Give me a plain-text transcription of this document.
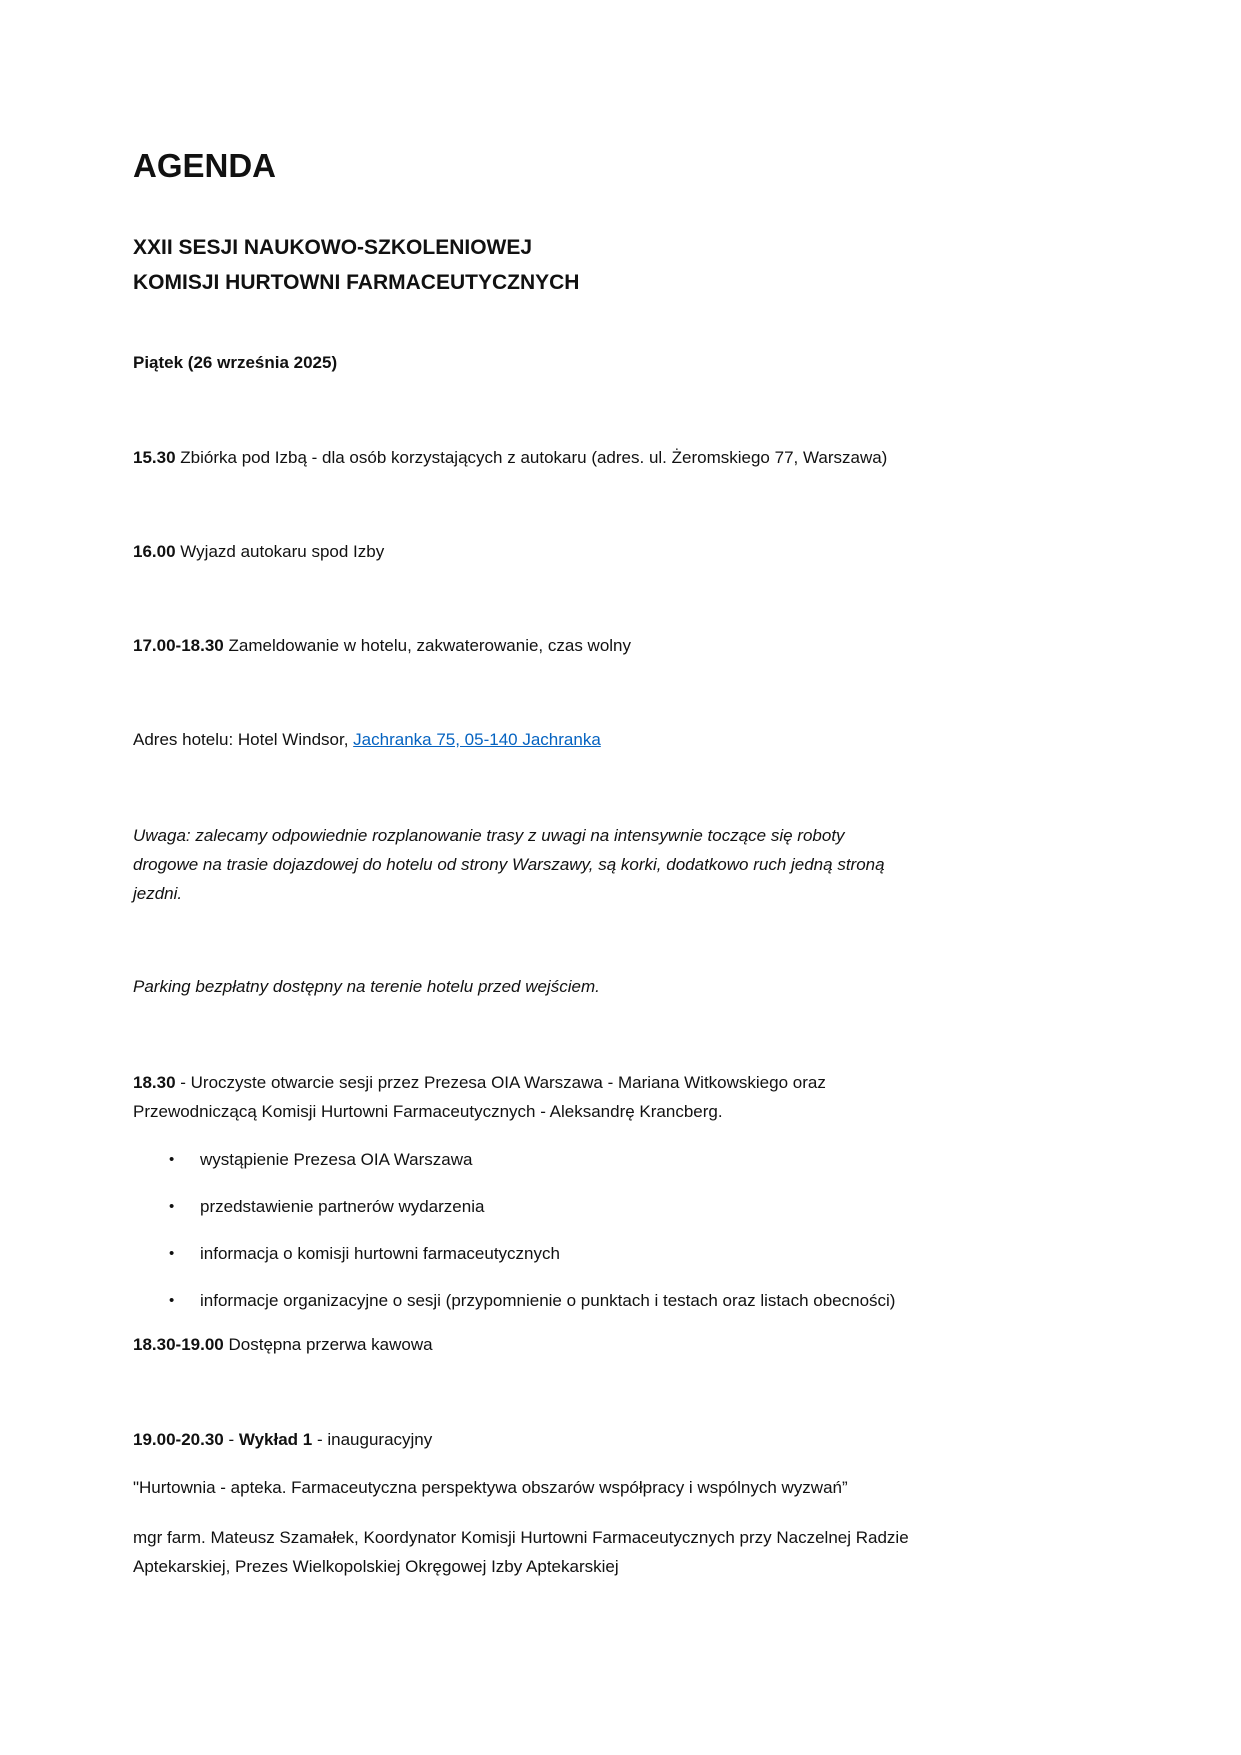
AGENDA
XXII SESJI NAUKOWO-SZKOLENIOWEJ
KOMISJI HURTOWNI FARMACEUTYCZNYCH

Piątek (26 września 2025)

15.30 Zbiórka pod Izbą - dla osób korzystających z autokaru (adres. ul. Żeromskiego 77, Warszawa)

16.00 Wyjazd autokaru spod Izby

17.00-18.30 Zameldowanie w hotelu, zakwaterowanie, czas wolny

Adres hotelu: Hotel Windsor, Jachranka 75, 05-140 Jachranka

Uwaga: zalecamy odpowiednie rozplanowanie trasy z uwagi na intensywnie toczące się roboty
drogowe na trasie dojazdowej do hotelu od strony Warszawy, są korki, dodatkowo ruch jedną stroną
jezdni.

Parking bezpłatny dostępny na terenie hotelu przed wejściem.

18.30 - Uroczyste otwarcie sesji przez Prezesa OIA Warszawa - Mariana Witkowskiego oraz
Przewodniczącą Komisji Hurtowni Farmaceutycznych - Aleksandrę Krancberg.

• wystąpienie Prezesa OIA Warszawa
• przedstawienie partnerów wydarzenia
• informacja o komisji hurtowni farmaceutycznych
• informacje organizacyjne o sesji (przypomnienie o punktach i testach oraz listach obecności)

18.30-19.00 Dostępna przerwa kawowa

19.00-20.30 - Wykład 1 - inauguracyjny

"Hurtownia - apteka. Farmaceutyczna perspektywa obszarów współpracy i wspólnych wyzwań”

mgr farm. Mateusz Szamałek, Koordynator Komisji Hurtowni Farmaceutycznych przy Naczelnej Radzie
Aptekarskiej, Prezes Wielkopolskiej Okręgowej Izby Aptekarskiej
